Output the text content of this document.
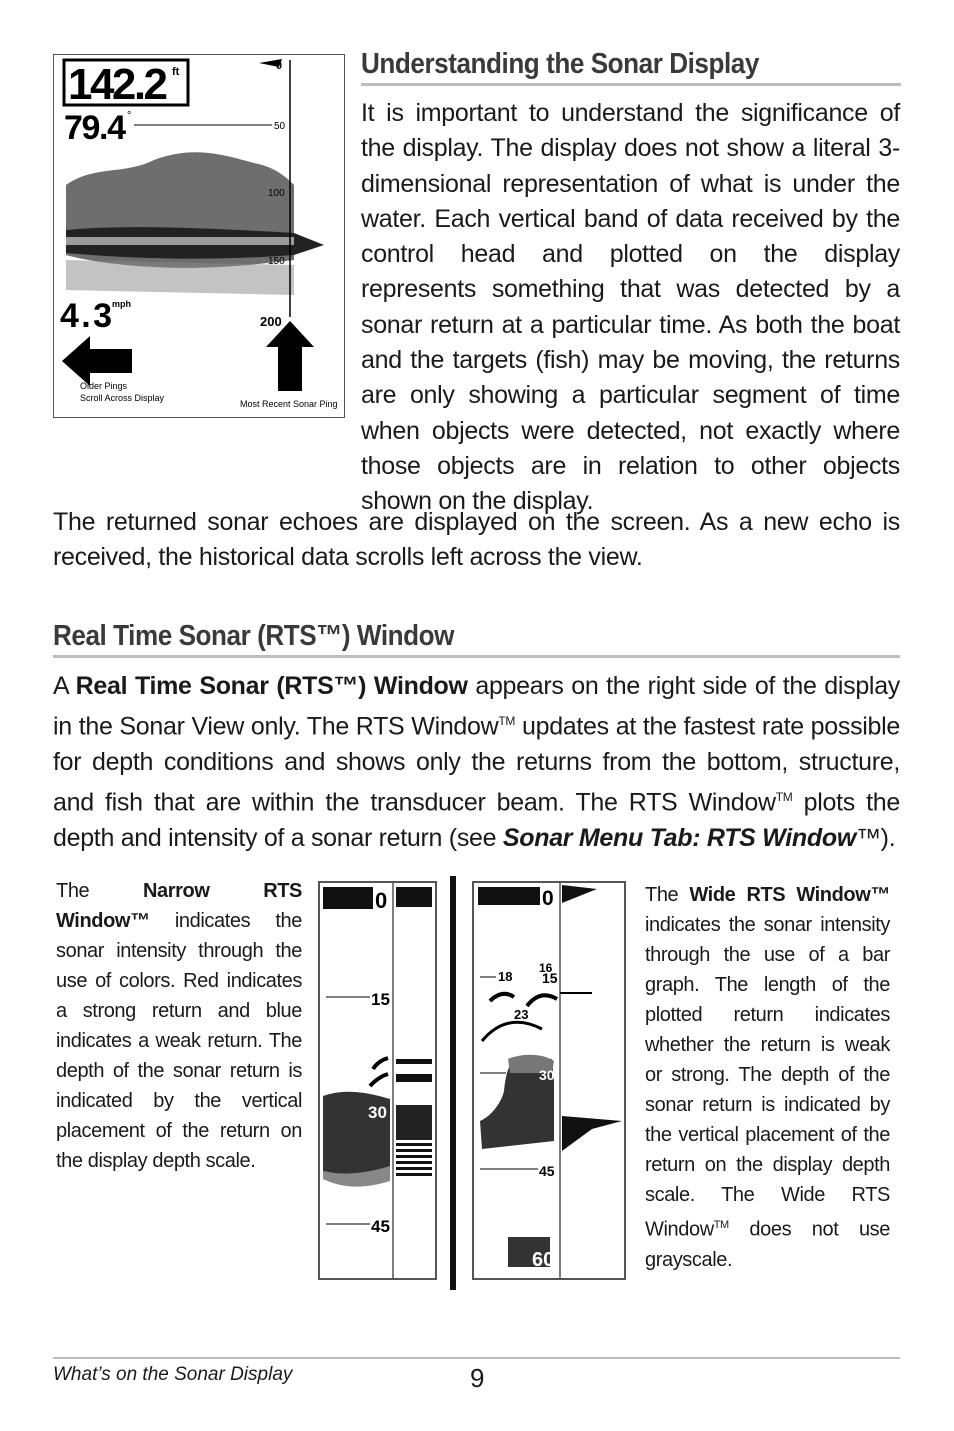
142.2 ft
79.4 °
0
50
100
150
200
4.3 mph
Older Pings
Scroll Across Display
Most Recent Sonar Ping
Understanding the Sonar Display
It is important to understand the significance of the display. The display does not show a literal 3-dimensional representation of what is under the water. Each vertical band of data received by the control head and plotted on the display represents something that was detected by a sonar return at a particular time. As both the boat and the targets (fish) may be moving, the returns are only showing a particular segment of time when objects were detected, not exactly where those objects are in relation to other objects shown on the display.
The returned sonar echoes are displayed on the screen. As a new echo is received, the historical data scrolls left across the view.
Real Time Sonar (RTS™) Window
A Real Time Sonar (RTS™) Window appears on the right side of the display in the Sonar View only. The RTS Window™ updates at the fastest rate possible for depth conditions and shows only the returns from the bottom, structure, and fish that are within the transducer beam. The RTS Window™ plots the depth and intensity of a sonar return (see Sonar Menu Tab: RTS Window™).
The Narrow RTS Window™ indicates the sonar intensity through the use of colors. Red indicates a strong return and blue indicates a weak return. The depth of the sonar return is indicated by the vertical placement of the return on the display depth scale.
0
15
30
45
0
18
16
15
23
30
45
60
The Wide RTS Window™ indicates the sonar intensity through the use of a bar graph. The length of the plotted return indicates whether the return is weak or strong. The depth of the sonar return is indicated by the vertical placement of the return on the display depth scale. The Wide RTS Window™ does not use grayscale.
What’s on the Sonar Display	9
